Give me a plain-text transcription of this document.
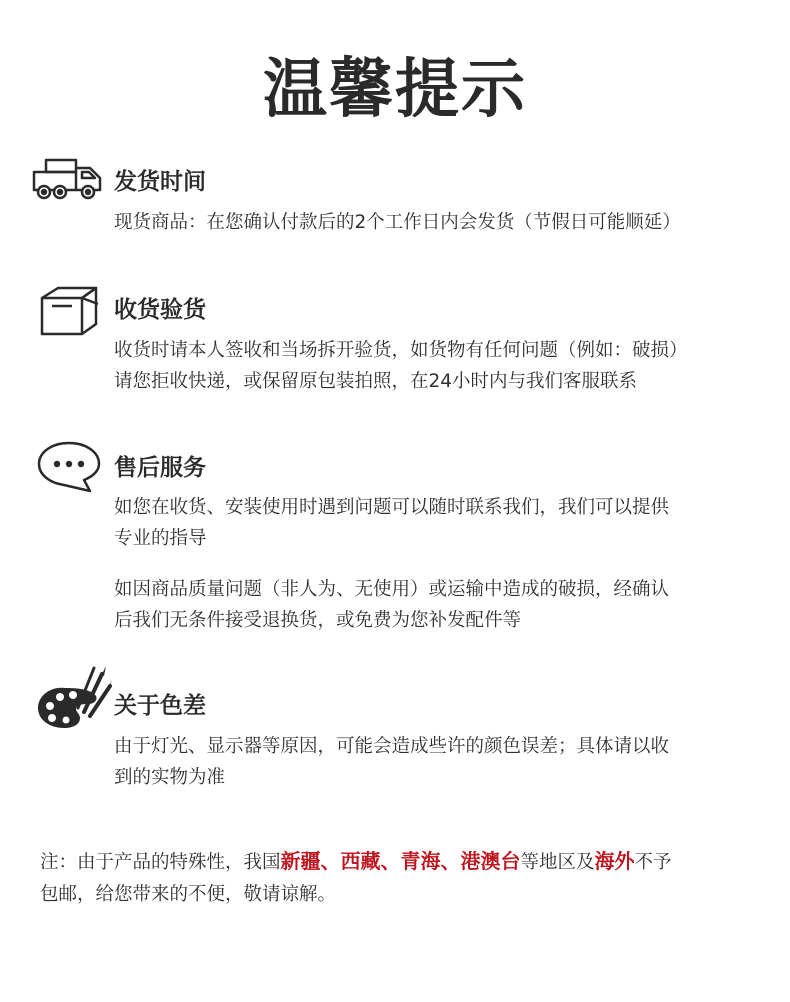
温馨提示
发货时间
现货商品：在您确认付款后的2个工作日内会发货（节假日可能顺延）
收货验货
收货时请本人签收和当场拆开验货，如货物有任何问题（例如：破损）
请您拒收快递，或保留原包装拍照，在24小时内与我们客服联系
售后服务
如您在收货、安装使用时遇到问题可以随时联系我们，我们可以提供
专业的指导
如因商品质量问题（非人为、无使用）或运输中造成的破损，经确认
后我们无条件接受退换货，或免费为您补发配件等
关于色差
由于灯光、显示器等原因，可能会造成些许的颜色误差；具体请以收
到的实物为准
注：由于产品的特殊性，我国新疆、西藏、青海、港澳台等地区及海外不予
包邮，给您带来的不便，敬请谅解。
